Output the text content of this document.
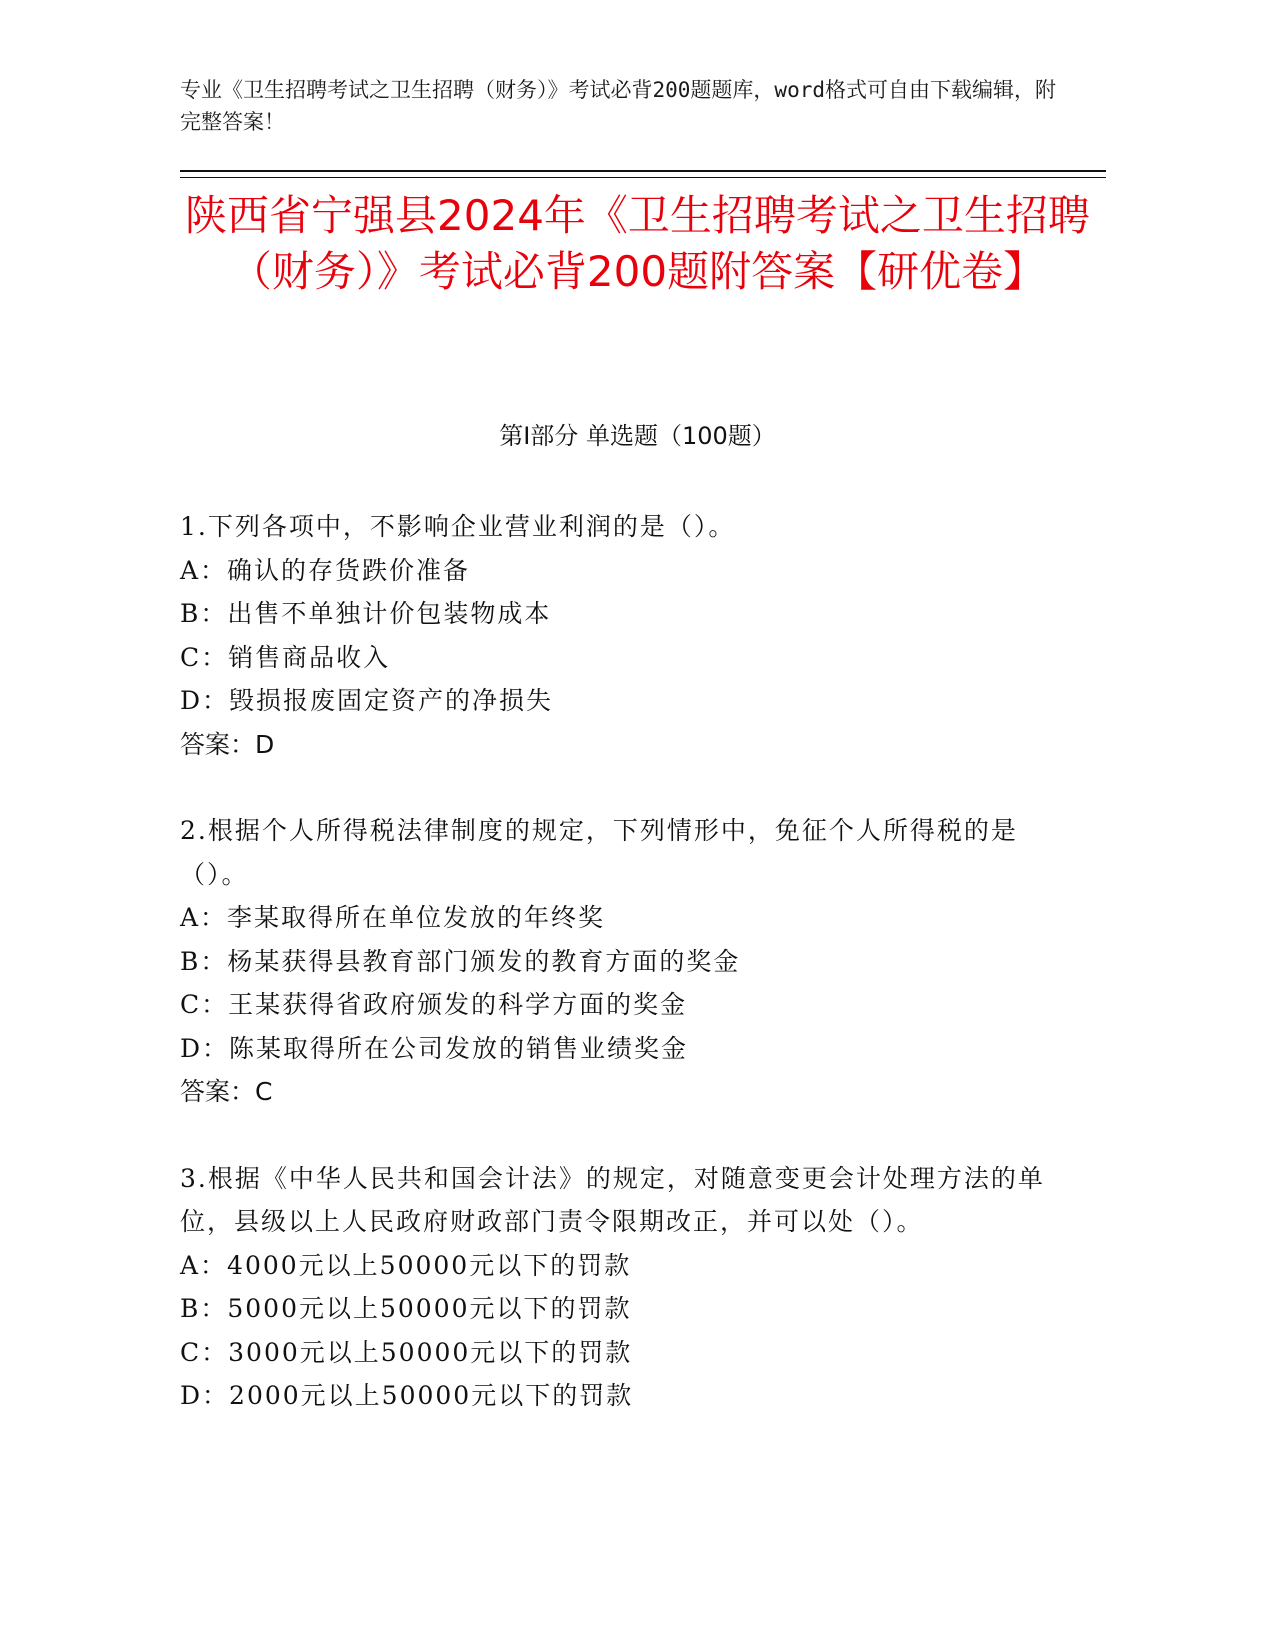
专业《卫生招聘考试之卫生招聘（财务）》考试必背200题题库，word格式可自由下载编辑，附完整答案！
陕西省宁强县2024年《卫生招聘考试之卫生招聘（财务）》考试必背200题附答案【研优卷】
第I部分 单选题（100题）
1.下列各项中，不影响企业营业利润的是（）。
A：确认的存货跌价准备
B：出售不单独计价包装物成本
C：销售商品收入
D：毁损报废固定资产的净损失
答案：D
2.根据个人所得税法律制度的规定，下列情形中，免征个人所得税的是（）。
A：李某取得所在单位发放的年终奖
B：杨某获得县教育部门颁发的教育方面的奖金
C：王某获得省政府颁发的科学方面的奖金
D：陈某取得所在公司发放的销售业绩奖金
答案：C
3.根据《中华人民共和国会计法》的规定，对随意变更会计处理方法的单位，县级以上人民政府财政部门责令限期改正，并可以处（）。
A：4000元以上50000元以下的罚款
B：5000元以上50000元以下的罚款
C：3000元以上50000元以下的罚款
D：2000元以上50000元以下的罚款
